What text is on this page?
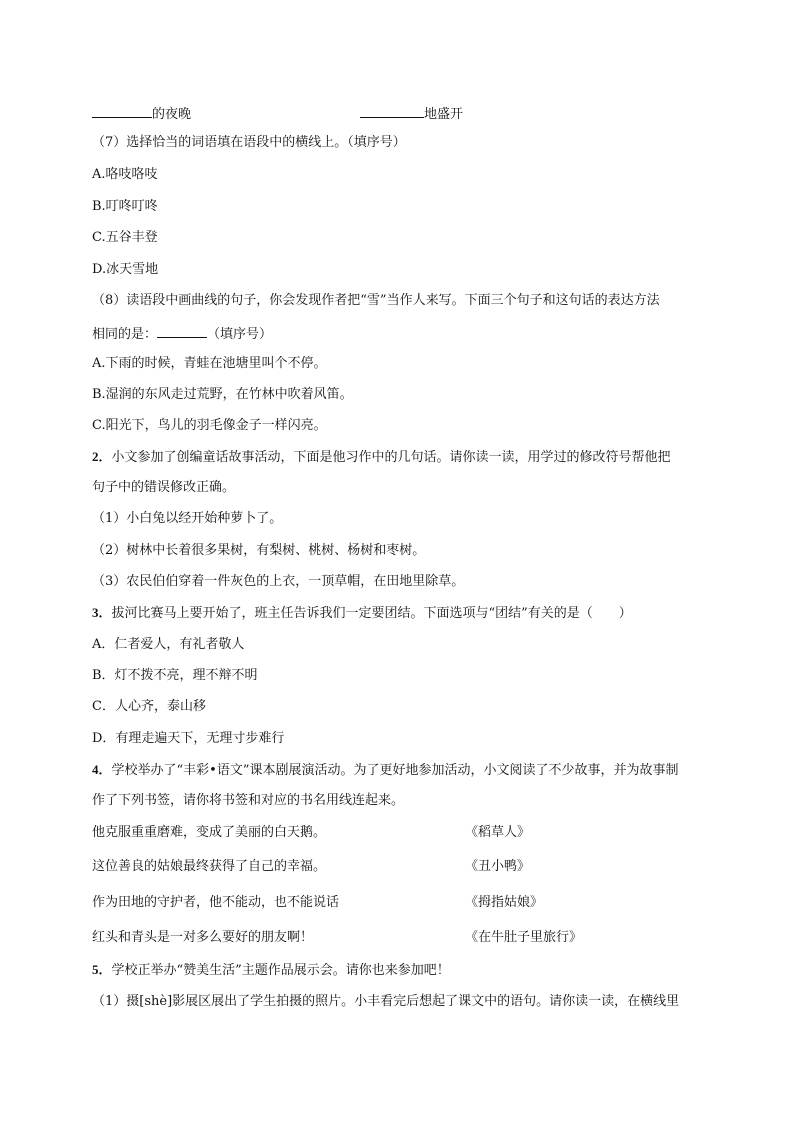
的夜晚	地盛开
（7）选择恰当的词语填在语段中的横线上。（填序号）
A.咯吱咯吱
B.叮咚叮咚
C.五谷丰登
D.冰天雪地
（8）读语段中画曲线的句子，你会发现作者把“雪”当作人来写。下面三个句子和这句话的表达方法
相同的是：	（填序号）
A.下雨的时候，青蛙在池塘里叫个不停。
B.湿润的东风走过荒野，在竹林中吹着风笛。
C.阳光下，鸟儿的羽毛像金子一样闪亮。
2．小文参加了创编童话故事活动，下面是他习作中的几句话。请你读一读，用学过的修改符号帮他把
句子中的错误修改正确。
（1）小白兔以经开始种萝卜了。
（2）树林中长着很多果树，有梨树、桃树、杨树和枣树。
（3）农民伯伯穿着一件灰色的上衣，一顶草帽，在田地里除草。
3．拔河比赛马上要开始了，班主任告诉我们一定要团结。下面选项与“团结”有关的是（　　）
A．仁者爱人，有礼者敬人
B．灯不拨不亮，理不辩不明
C．人心齐，泰山移
D．有理走遍天下，无理寸步难行
4．学校举办了“丰彩•语文”课本剧展演活动。为了更好地参加活动，小文阅读了不少故事，并为故事制
作了下列书签，请你将书签和对应的书名用线连起来。
他克服重重磨难，变成了美丽的白天鹅。	《稻草人》
这位善良的姑娘最终获得了自己的幸福。	《丑小鸭》
作为田地的守护者，他不能动，也不能说话	《拇指姑娘》
红头和青头是一对多么要好的朋友啊！	《在牛肚子里旅行》
5．学校正举办“赞美生活”主题作品展示会。请你也来参加吧！
（1）摄[shè]影展区展出了学生拍摄的照片。小丰看完后想起了课文中的语句。请你读一读，在横线里
